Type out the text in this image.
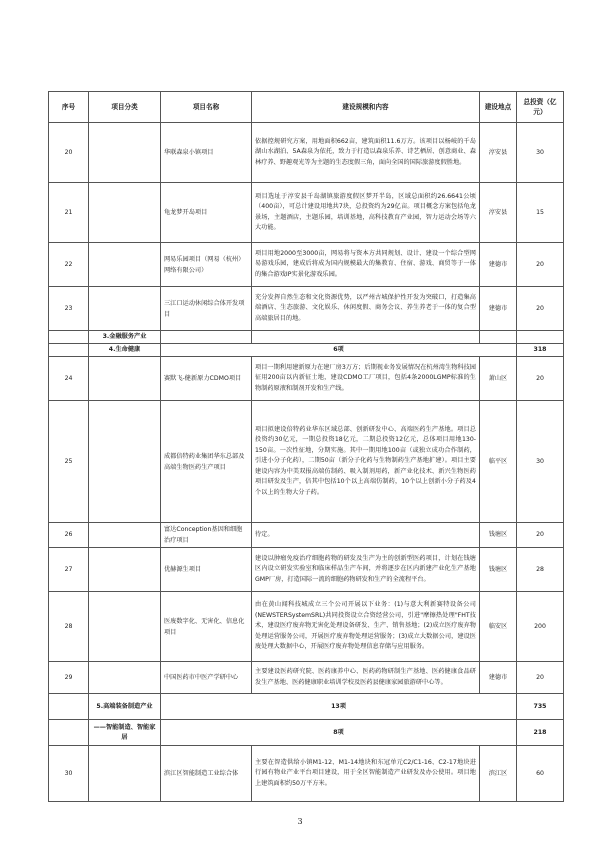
序号	项目分类	项目名称	建设规模和内容	建设地点	总投资（亿元）
20		华联森泉小镇项目	依据控规研究方案，用地面积662亩，建筑面积11.6万方。该项目以杨岐的千岛湖山水湖泊、5A森泉为依托，致力于打造以森泉乐养、诗艺栖居、创意商业、森林疗养、野趣观光等为主题的生态度假三角，面向全国的国际旅游度假胜地。	淳安县	30
21		龟龙梦开岛项目	项目选址于淳安县千岛湖镇旅游度假区梦开半岛，区域总面积约26.6641公顷（400亩），可总计建设用地共7块，总投资约为29亿亩。项目概念方案包括龟龙景场，主题酒店，主题乐园，培训基地，高科技教育产业园，智力运动会场等六大功能。	淳安县	15
22		网易乐园项目（网易（杭州）网络有限公司）	项目用地2000至3000亩，网易将与资本方共同规划、设计、建设一个综合型网易游戏乐园，建成后将成为国内规模最大的集教育、住宿、游戏、商贸等于一体的集合游戏IP实景化游戏乐园。	建德市	20
23		三江口运动休闲综合体开发项目	充分发挥自然生态和文化资源优势，以严州古城保护性开发为突破口，打造集高端酒店、生态旅游、文化娱乐、休闲度假、商务会议、养生养老于一体的复合型高端旅居目的地。	建德市	20
	3.金融服务产业				
	4.生命健康	6项			318
24		赛默飞-健新原力CDMO项目	项目一期利用建新原力在建厂房3万方；后期视业务发展情况在杭州湾生物科技园征用200亩以内新征土地，建设CDMO工厂项目，包括4条2000LGMP标准的生物制药原液和制剂开发和生产线。	萧山区	20
25		成都倍特药业集团华东总部及高端生物医药生产项目	项目拟建设倍特药业华东区域总部、创新研发中心、高端医药生产基地。项目总投资约30亿元，一期总投资18亿元，二期总投资12亿元，总体项目用地130-150亩。一次性征地，分期实施。其中一期用地100亩（或独立成功合作制药，引进小分子化药），二期50亩（新分子化药与生物制药生产基地扩建）。项目主要建设内容为中美双报高端仿制药、吸入制剂用药，新产业化技术、新兴生物医药项目研发及生产，倍其中包括10个以上高端仿制药，10个以上创新小分子药及4个以上的生物大分子药。	临平区	30
26		富达Conception基因和细胞治疗项目	待定。	钱塘区	20
27		优赫源生项目	建设以肿瘤免疫治疗细胞药物的研发及生产为主的创新型医药项目，计划在钱塘区内设立研发实验室和临床样品生产车间，并将逐步在区内新建产业化生产基地GMP厂房，打造国际一流的细胞药物研发和生产的全流程平台。	钱塘区	28
28		医废数字化、无害化、信息化项目	由在黄山闻科技城成立三个公司开展以下业务：(1)与意大利新赛特设备公司(NEWSTERSystemSRL)共同投资设立合资经营公司，引进"摩擦热处理"FHT技术，建设医疗废弃物无害化处理设备研发、生产、销售基地；(2)成立医疗废弃物处理运营服务公司，开展医疗废弃物处理运营服务；(3)成立大数据公司，建设医废处理大数据中心，开展医疗废弃物处理信息存储与应用服务。	临安区	200
29		中国医药市中医产学研中心	主要建设医药研究院、医药康养中心、医药药物研制生产基地、医药健康食品研发生产基地、医药健康职业培训学校及医药县健康家园旅游研中心等。	建德市	20
	5.高端装备制造产业	13项			735
	——智能制造、智能家居	8项			218
30		滨江区智能制造工业综合体	主要在智造供给小镇M1-12、M1-14地块和东冠单元C2/C1-16、C2-17地块进行园有物业产业平台项目建设，用于全区智能制造产业研发及办公使用。项目地上建筑面积约50万平方米。	滨江区	60
3
